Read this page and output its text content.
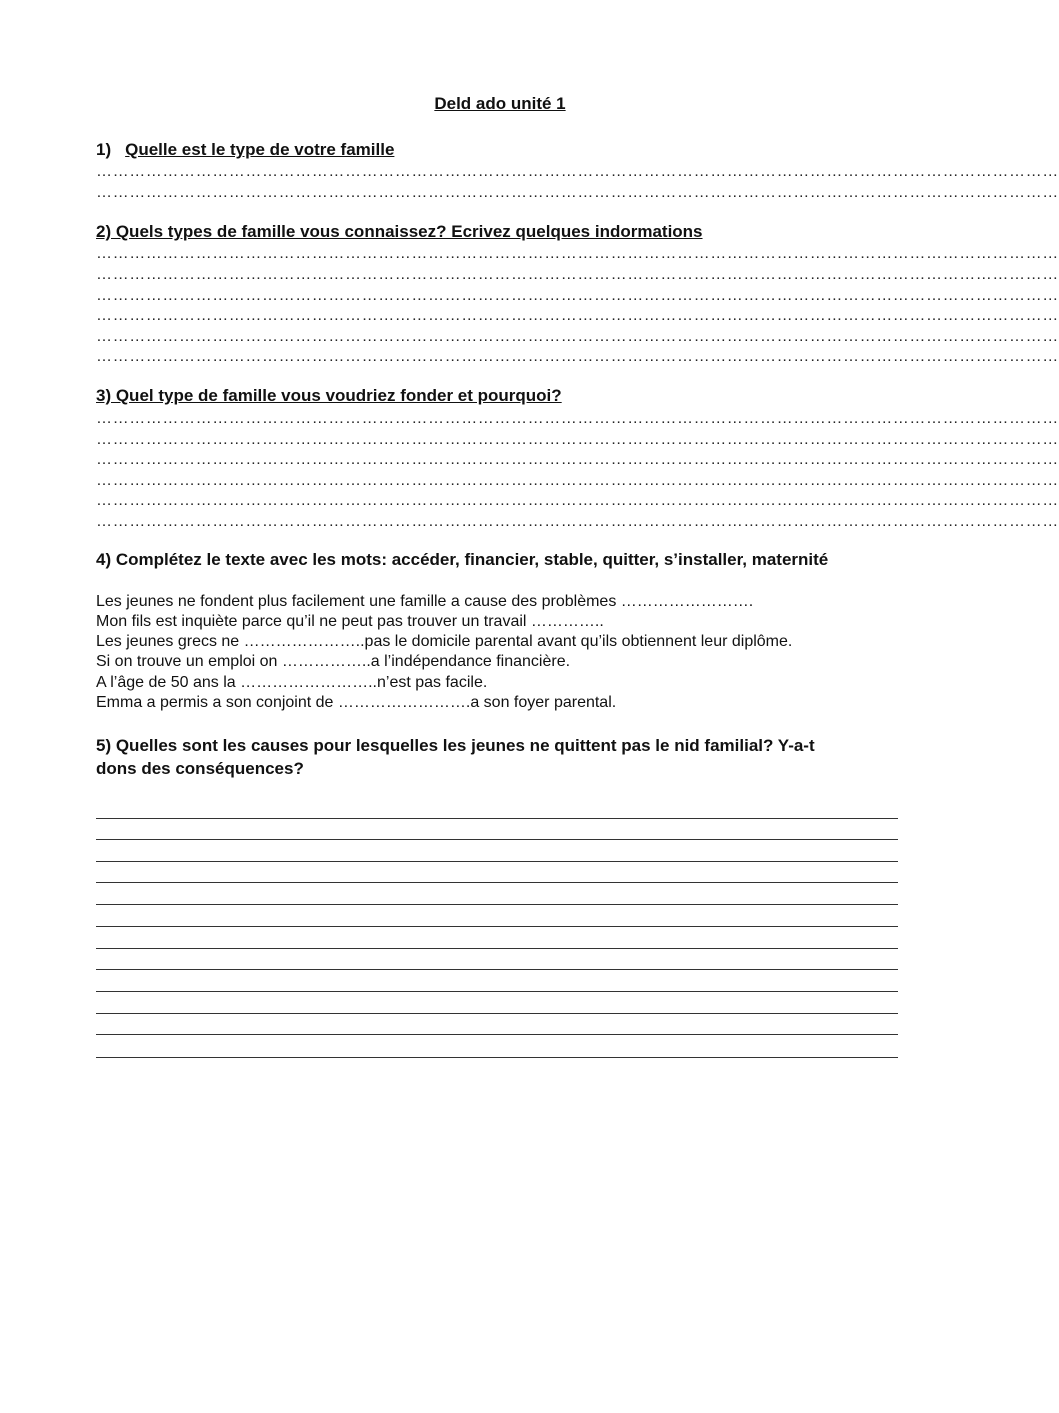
Deld ado unité 1
1) Quelle est le type de votre famille
…………………………………………………………………………………………………………………………………………………………
…………………………………………………………………………………………………………………………………………………………
2) Quels types de famille vous connaissez? Ecrivez quelques indormations
…………………………………………………………………………………………………………………………………………………………
…………………………………………………………………………………………………………………………………………………………
…………………………………………………………………………………………………………………………………………………………
…………………………………………………………………………………………………………………………………………………………
…………………………………………………………………………………………………………………………………………………………
…………………………………………………………………………………………………………………………………………………………
3) Quel type de famille vous voudriez fonder et pourquoi?
…………………………………………………………………………………………………………………………………………………………
…………………………………………………………………………………………………………………………………………………………
…………………………………………………………………………………………………………………………………………………………
…………………………………………………………………………………………………………………………………………………………
…………………………………………………………………………………………………………………………………………………………
…………………………………………………………………………………………………………………………………………………………
4) Complétez le texte avec les mots: accéder, financier, stable, quitter, s’installer, maternité
Les jeunes ne fondent plus facilement une famille a cause des problèmes …………………….
Mon fils est inquiète parce qu’il ne peut pas trouver un travail …………..
Les jeunes grecs ne …………………..pas le domicile parental avant qu’ils obtiennent leur diplôme.
Si on trouve un emploi on ……………..a l’indépendance financière.
A l’âge de 50 ans la ……………………..n’est pas facile.
Emma a permis a son conjoint de …………………….a son foyer parental.
5) Quelles sont les causes pour lesquelles les jeunes ne quittent pas le nid familial? Y-a-t
dons des conséquences?
